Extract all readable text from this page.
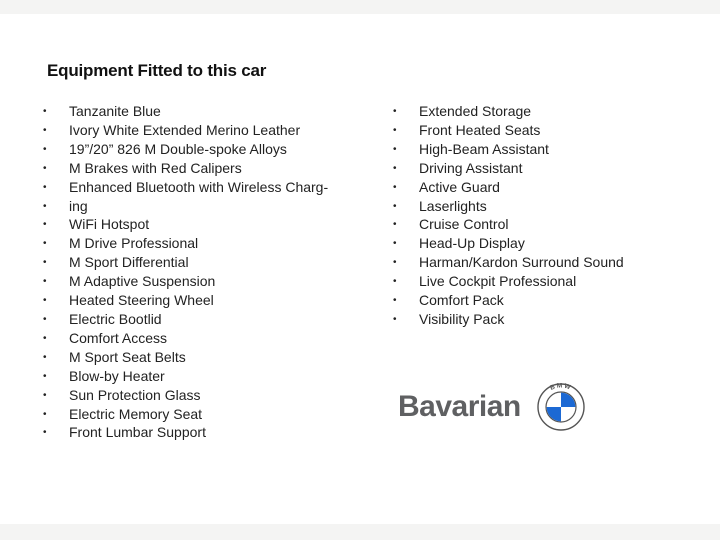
Equipment Fitted to this car
• Tanzanite Blue
• Ivory White Extended Merino Leather
• 19”/20” 826 M Double-spoke Alloys
• M Brakes with Red Calipers
• Enhanced Bluetooth with Wireless Charg-
• ing
• WiFi Hotspot
• M Drive Professional
• M Sport Differential
• M Adaptive Suspension
• Heated Steering Wheel
• Electric Bootlid
• Comfort Access
• M Sport Seat Belts
• Blow-by Heater
• Sun Protection Glass
• Electric Memory Seat
• Front Lumbar Support
• Extended Storage
• Front Heated Seats
• High-Beam Assistant
• Driving Assistant
• Active Guard
• Laserlights
• Cruise Control
• Head-Up Display
• Harman/Kardon Surround Sound
• Live Cockpit Professional
• Comfort Pack
• Visibility Pack
Bavarian
BMW
